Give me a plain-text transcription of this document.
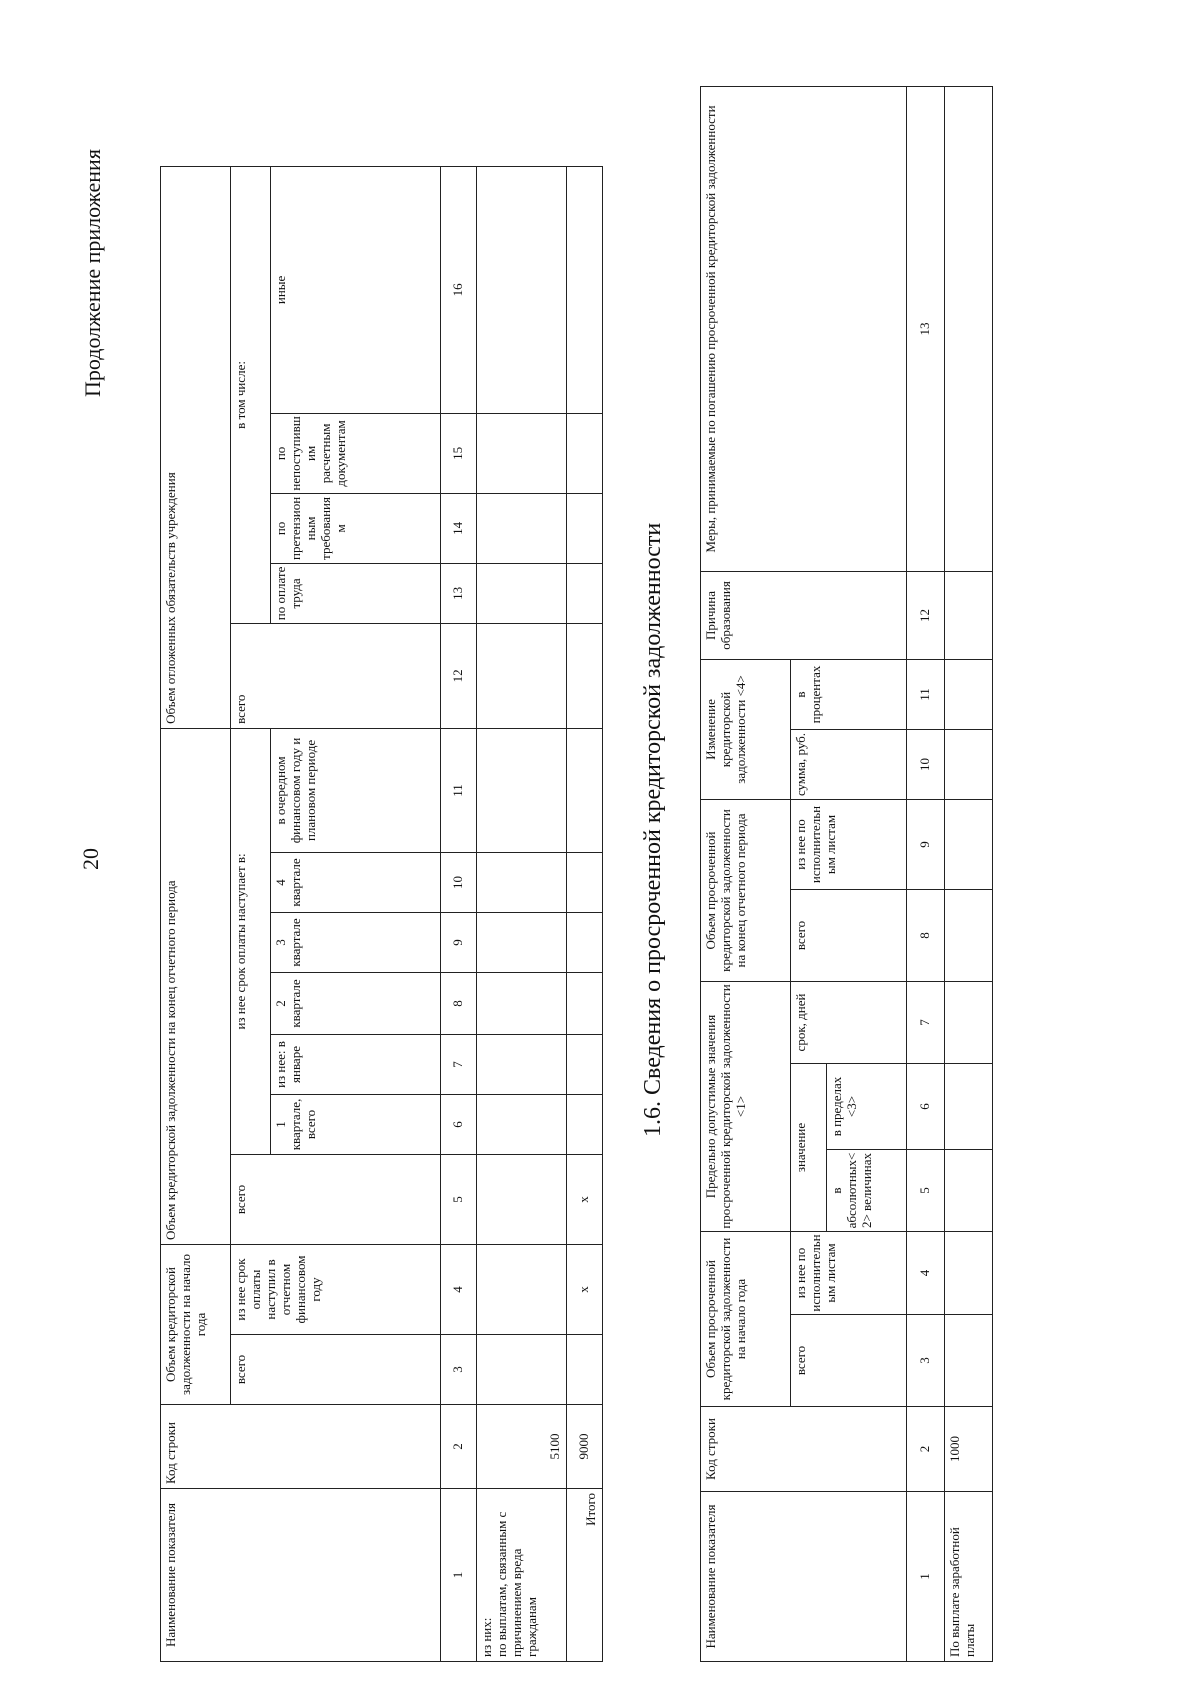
20
Продолжение приложения
Наименование показателя	Код строки	Объем кредиторской задолженности на начало года		Объем кредиторской задолженности на конец отчетного периода							Объем отложенных обязательств учреждения				
		всего	из нее срок оплаты наступил в отчетном финансовом году	всего	из нее срок оплаты наступает в:						всего	в том числе:			
					1 квартале, всего	из нее: в январе	2 квартале	3 квартале	4 квартале	в очередном финансовом году и плановом периоде		по оплате труда	по претензионным требованиям	по непоступившим расчетным документам	иные

1	2	3	4	5	6	7	8	9	10	11	12	13	14	15	16
из них:
по выплатам, связанным с причинением вреда гражданам	5100														
Итого	9000		x	x											
1.6. Сведения о просроченной кредиторской задолженности
Наименование показателя	Код строки	Объем просроченной кредиторской задолженности на начало года		Предельно допустимые значения просроченной кредиторской задолженности <1>			Объем просроченной кредиторской задолженности на конец отчетного периода		Изменение кредиторской задолженности <4>		Причина образования	Меры, принимаемые по погашению просроченной кредиторской задолженности
		всего	из нее по исполнительным листам	значение		срок, дней	всего	из нее по исполнительным листам	сумма, руб.	в процентах		
				в абсолютных<2> величинах	в пределах <3>							
1	2	3	4	5	6	7	8	9	10	11	12	13
По выплате заработной платы	1000											
